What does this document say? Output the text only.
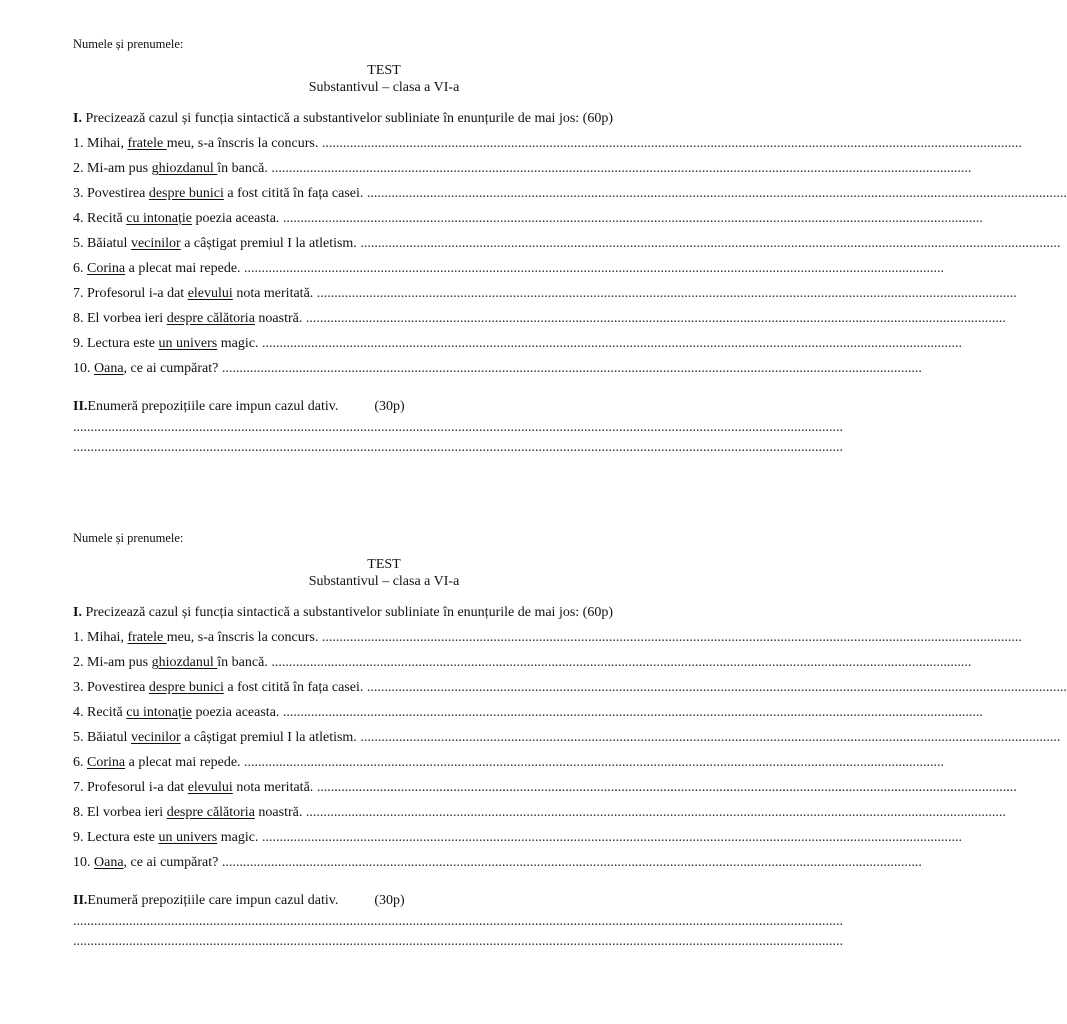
Numele și prenumele:
TEST
Substantivul – clasa a VI-a
I. Precizează cazul și funcția sintactică a substantivelor subliniate în enunțurile de mai jos: (60p)
1. Mihai, fratele meu, s-a înscris la concurs. ........................................................................................................................................................................................................
2. Mi-am pus ghiozdanul în bancă. ........................................................................................................................................................................................................
3. Povestirea despre bunici a fost citită în fața casei. ........................................................................................................................................................................................................
4. Recită cu intonație poezia aceasta. ........................................................................................................................................................................................................
5. Băiatul vecinilor a câștigat premiul I la atletism. ........................................................................................................................................................................................................
6. Corina a plecat mai repede. ........................................................................................................................................................................................................
7. Profesorul i-a dat elevului nota meritată. ........................................................................................................................................................................................................
8. El vorbea ieri despre călătoria noastră. ........................................................................................................................................................................................................
9. Lectura este un univers magic. ........................................................................................................................................................................................................
10. Oana, ce ai cumpărat? ........................................................................................................................................................................................................
II.Enumeră prepozițiile care impun cazul dativ.	(30p)
............................................................................................................................................................................................................................
............................................................................................................................................................................................................................
Numele și prenumele:
TEST
Substantivul – clasa a VI-a
I. Precizează cazul și funcția sintactică a substantivelor subliniate în enunțurile de mai jos: (60p)
1. Mihai, fratele meu, s-a înscris la concurs. ........................................................................................................................................................................................................
2. Mi-am pus ghiozdanul în bancă. ........................................................................................................................................................................................................
3. Povestirea despre bunici a fost citită în fața casei. ........................................................................................................................................................................................................
4. Recită cu intonație poezia aceasta. ........................................................................................................................................................................................................
5. Băiatul vecinilor a câștigat premiul I la atletism. ........................................................................................................................................................................................................
6. Corina a plecat mai repede. ........................................................................................................................................................................................................
7. Profesorul i-a dat elevului nota meritată. ........................................................................................................................................................................................................
8. El vorbea ieri despre călătoria noastră. ........................................................................................................................................................................................................
9. Lectura este un univers magic. ........................................................................................................................................................................................................
10. Oana, ce ai cumpărat? ........................................................................................................................................................................................................
II.Enumeră prepozițiile care impun cazul dativ.	(30p)
............................................................................................................................................................................................................................
............................................................................................................................................................................................................................
